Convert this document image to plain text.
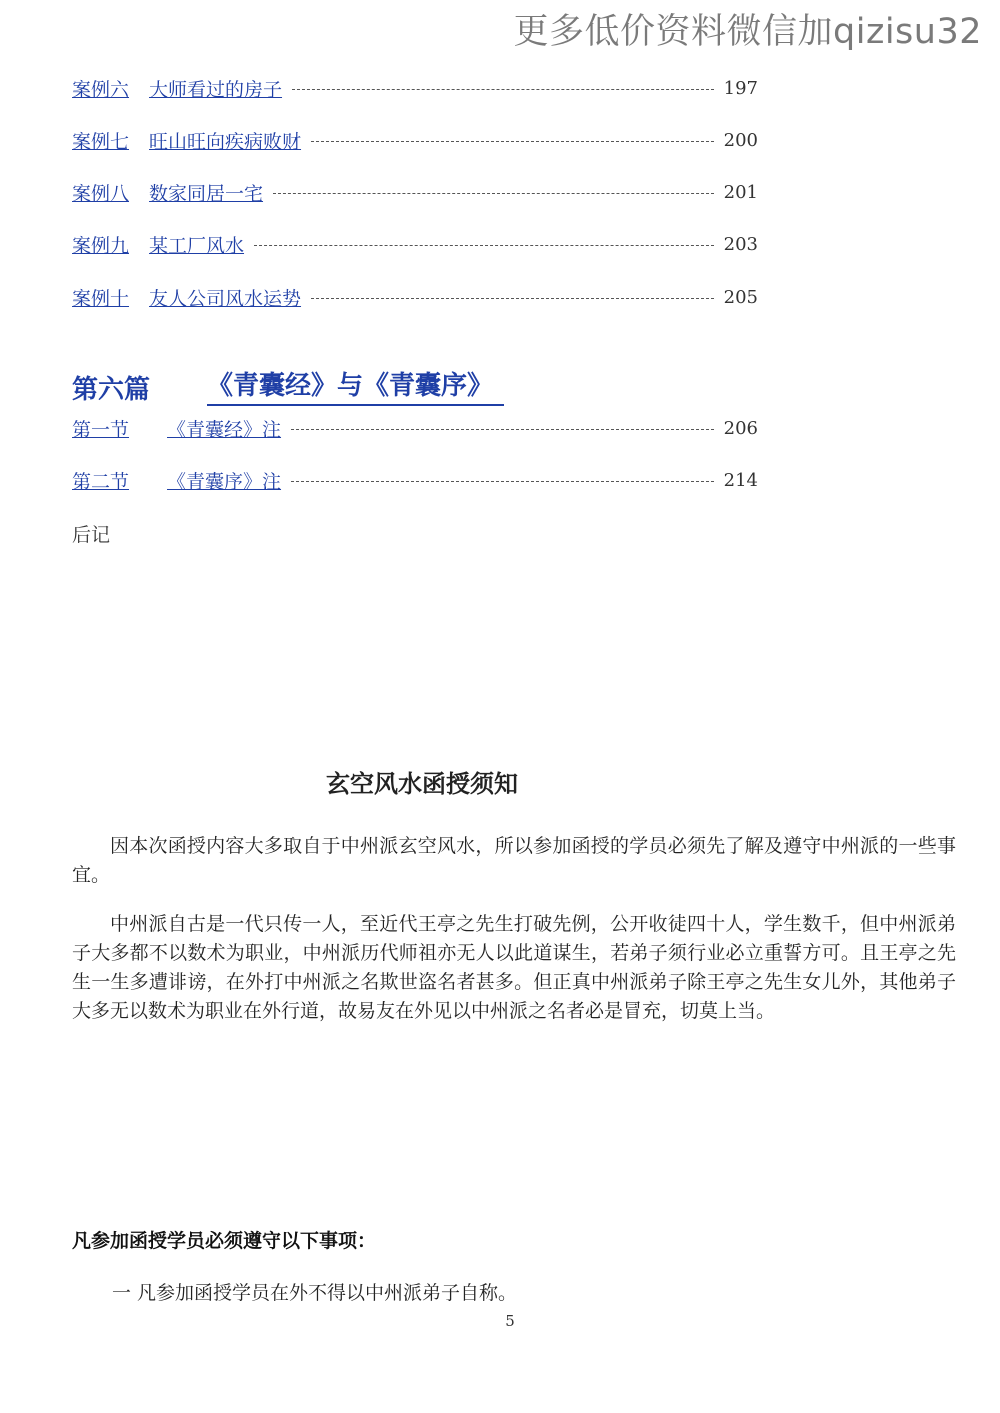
更多低价资料微信加qizisu32
案例六 大师看过的房子	197
案例七 旺山旺向疾病败财	200
案例八 数家同居一宅	201
案例九 某工厂风水	203
案例十 友人公司风水运势	205
第六篇	《青囊经》与《青囊序》
第一节 《青囊经》注	206
第二节 《青囊序》注	214
后记
玄空风水函授须知
因本次函授内容大多取自于中州派玄空风水，所以参加函授的学员必须先了解及遵守中州派的一些事宜。
中州派自古是一代只传一人，至近代王亭之先生打破先例，公开收徒四十人，学生数千，但中州派弟子大多都不以数术为职业，中州派历代师祖亦无人以此道谋生，若弟子须行业必立重誓方可。且王亭之先生一生多遭诽谤，在外打中州派之名欺世盗名者甚多。但正真中州派弟子除王亭之先生女儿外，其他弟子大多无以数术为职业在外行道，故易友在外见以中州派之名者必是冒充，切莫上当。
凡参加函授学员必须遵守以下事项：
一 凡参加函授学员在外不得以中州派弟子自称。
5
